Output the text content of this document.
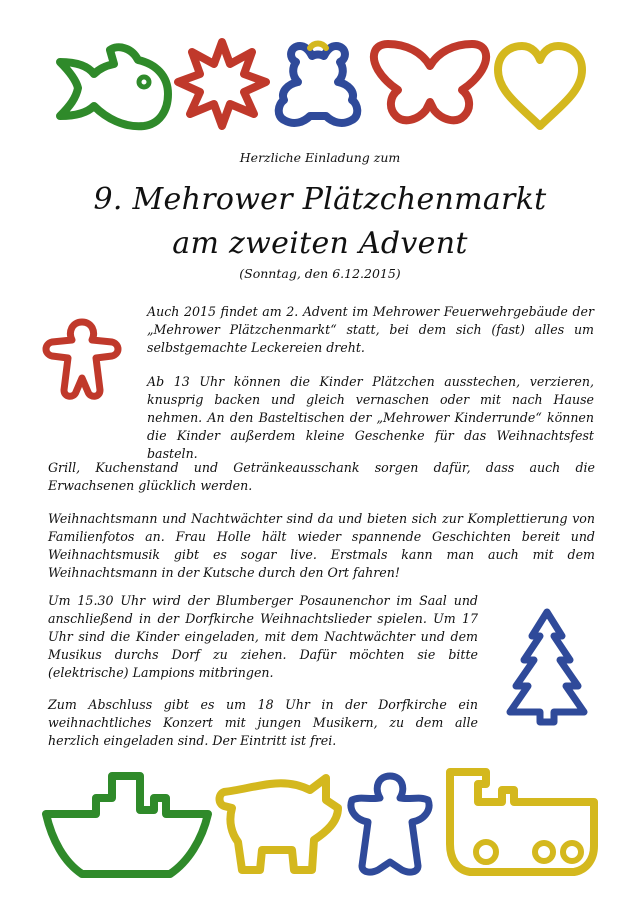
Herzliche Einladung zum
9. Mehrower Plätzchenmarkt
am zweiten Advent
(Sonntag, den 6.12.2015)

Auch 2015 findet am 2. Advent im Mehrower Feuerwehrgebäude der „Mehrower Plätzchenmarkt“ statt, bei dem sich (fast) alles um selbstgemachte Leckereien dreht.

Ab 13 Uhr können die Kinder Plätzchen ausstechen, verzieren, knusprig backen und gleich vernaschen oder mit nach Hause nehmen. An den Basteltischen der „Mehrower Kinderrunde“ können die Kinder außerdem kleine Geschenke für das Weihnachtsfest basteln.

Grill, Kuchenstand und Getränkeausschank sorgen dafür, dass auch die Erwachsenen glücklich werden.

Weihnachtsmann und Nachtwächter sind da und bieten sich zur Komplettierung von Familienfotos an. Frau Holle hält wieder spannende Geschichten bereit und Weihnachtsmusik gibt es sogar live. Erstmals kann man auch mit dem Weihnachtsmann in der Kutsche durch den Ort fahren!

Um 15.30 Uhr wird der Blumberger Posaunenchor im Saal und anschließend in der Dorfkirche Weihnachtslieder spielen. Um 17 Uhr sind die Kinder eingeladen, mit dem Nachtwächter und dem Musikus durchs Dorf zu ziehen. Dafür möchten sie bitte (elektrische) Lampions mitbringen.

Zum Abschluss gibt es um 18 Uhr in der Dorfkirche ein weihnachtliches Konzert mit jungen Musikern, zu dem alle herzlich eingeladen sind. Der Eintritt ist frei.
